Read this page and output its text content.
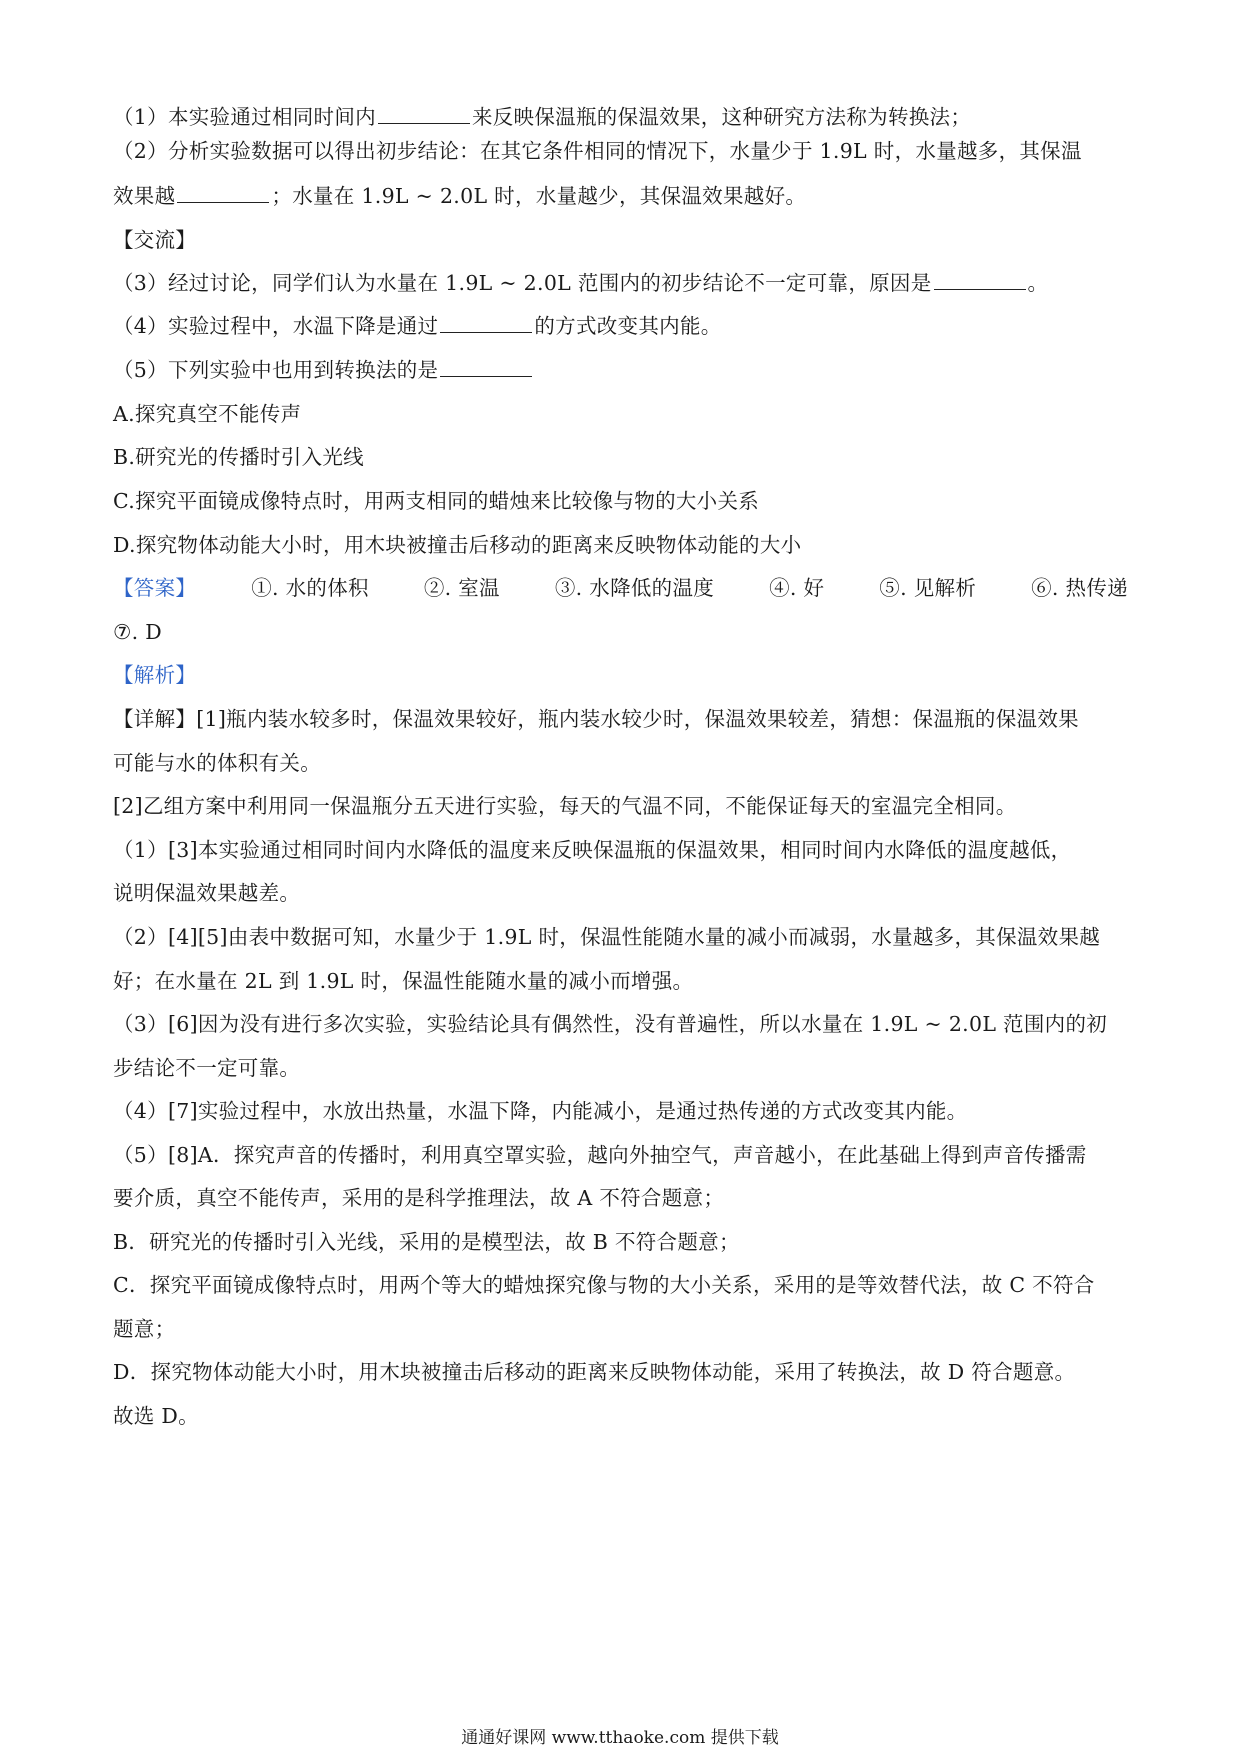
（1）本实验通过相同时间内	来反映保温瓶的保温效果，这种研究方法称为转换法；

（2）分析实验数据可以得出初步结论：在其它条件相同的情况下，水量少于 1.9L 时，水量越多，其保温

效果越	；水量在 1.9L ~ 2.0L 时，水量越少，其保温效果越好。

【交流】

（3）经过讨论，同学们认为水量在 1.9L ~ 2.0L 范围内的初步结论不一定可靠，原因是	。

（4）实验过程中，水温下降是通过	的方式改变其内能。

（5）下列实验中也用到转换法的是

A.探究真空不能传声

B.研究光的传播时引入光线

C.探究平面镜成像特点时，用两支相同的蜡烛来比较像与物的大小关系

D.探究物体动能大小时，用木块被撞击后移动的距离来反映物体动能的大小

【答案】	①. 水的体积	②. 室温	③. 水降低的温度	④. 好	⑤. 见解析	⑥. 热传递

⑦. D

【解析】

【详解】[1]瓶内装水较多时，保温效果较好，瓶内装水较少时，保温效果较差，猜想：保温瓶的保温效果

可能与水的体积有关。

[2]乙组方案中利用同一保温瓶分五天进行实验，每天的气温不同，不能保证每天的室温完全相同。

（1）[3]本实验通过相同时间内水降低的温度来反映保温瓶的保温效果，相同时间内水降低的温度越低，

说明保温效果越差。

（2）[4][5]由表中数据可知，水量少于 1.9L 时，保温性能随水量的减小而减弱，水量越多，其保温效果越

好；在水量在 2L 到 1.9L 时，保温性能随水量的减小而增强。

（3）[6]因为没有进行多次实验，实验结论具有偶然性，没有普遍性，所以水量在 1.9L ~ 2.0L 范围内的初

步结论不一定可靠。

（4）[7]实验过程中，水放出热量，水温下降，内能减小，是通过热传递的方式改变其内能。

（5）[8]A．探究声音的传播时，利用真空罩实验，越向外抽空气，声音越小，在此基础上得到声音传播需

要介质，真空不能传声，采用的是科学推理法，故 A 不符合题意；

B．研究光的传播时引入光线，采用的是模型法，故 B 不符合题意；

C．探究平面镜成像特点时，用两个等大的蜡烛探究像与物的大小关系，采用的是等效替代法，故 C 不符合

题意；

D．探究物体动能大小时，用木块被撞击后移动的距离来反映物体动能，采用了转换法，故 D 符合题意。

故选 D。

通通好课网 www.tthaoke.com 提供下载
